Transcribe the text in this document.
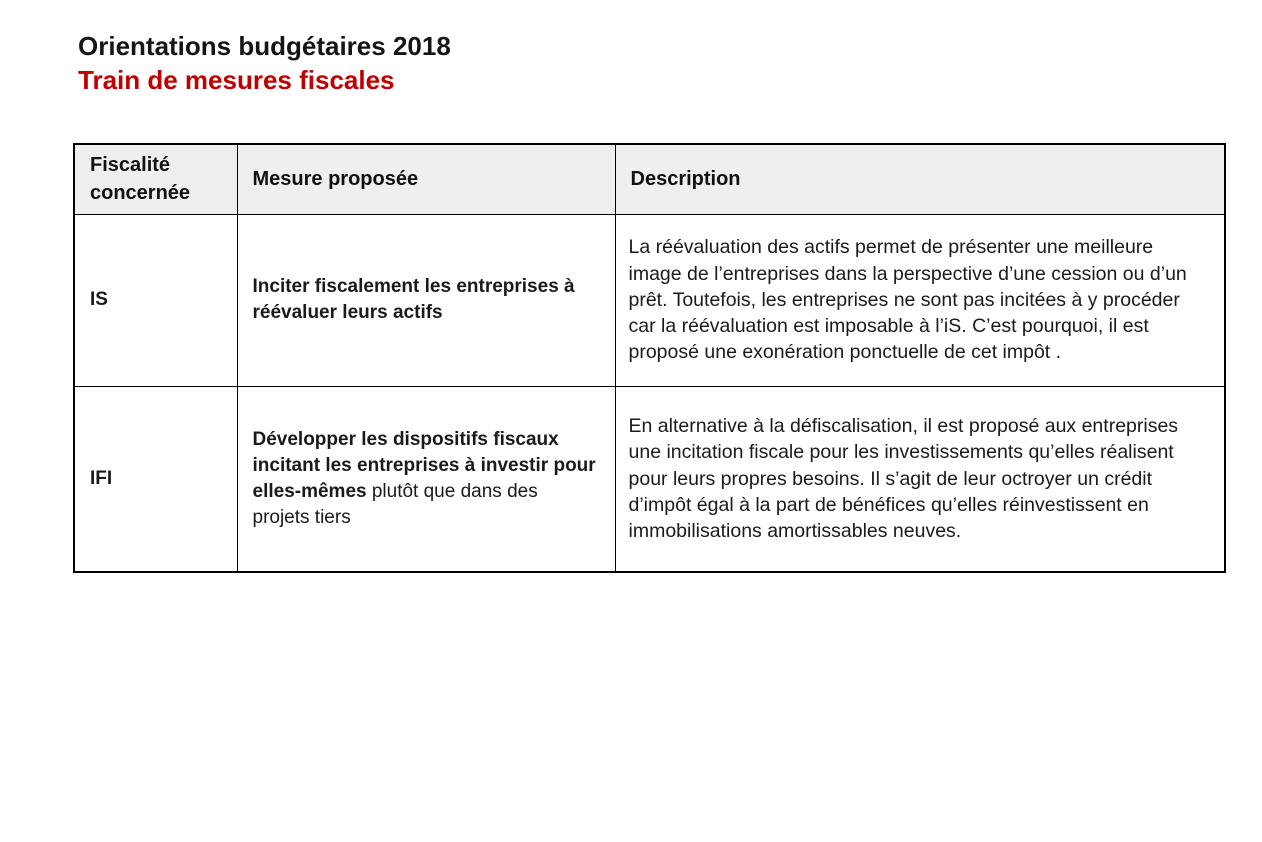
Orientations budgétaires 2018
Train de mesures fiscales
Fiscalité concernée	Mesure proposée	Description
IS	Inciter fiscalement les entreprises à réévaluer leurs actifs	La réévaluation des actifs permet de présenter une meilleure image de l’entreprises dans la perspective d’une cession ou d’un prêt. Toutefois, les entreprises ne sont pas incitées à y procéder car la réévaluation est imposable à l’iS. C’est pourquoi, il est proposé une exonération ponctuelle de cet impôt .
IFI	Développer les dispositifs fiscaux incitant les entreprises à investir pour elles-mêmes plutôt que dans des projets tiers	En alternative à la défiscalisation, il est proposé aux entreprises une incitation fiscale pour les investissements qu’elles réalisent pour leurs propres besoins. Il s’agit de leur octroyer un crédit d’impôt égal à la part de bénéfices qu’elles réinvestissent en immobilisations amortissables neuves.
